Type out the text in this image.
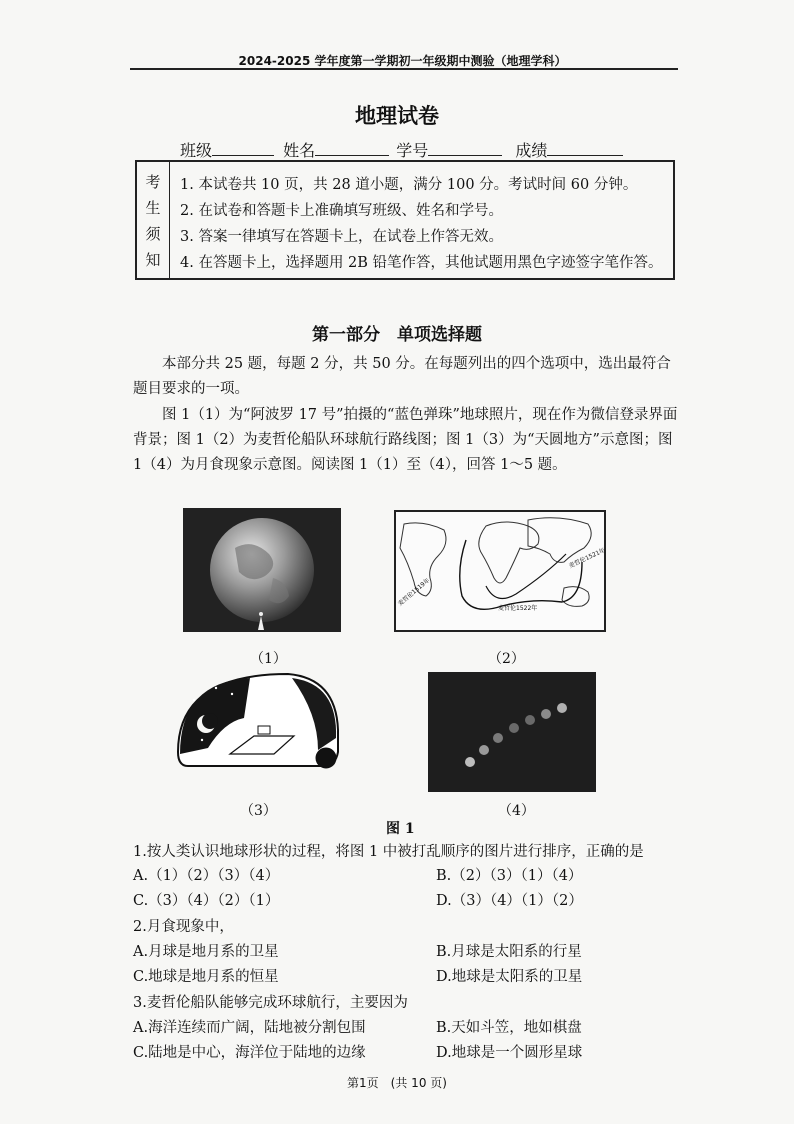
2024-2025 学年度第一学期初一年级期中测验（地理学科）
地理试卷
班级	姓名	学号	成绩
考
生
须
知
1. 本试卷共 10 页，共 28 道小题，满分 100 分。考试时间 60 分钟。
2. 在试卷和答题卡上准确填写班级、姓名和学号。
3. 答案一律填写在答题卡上，在试卷上作答无效。
4. 在答题卡上，选择题用 2B 铅笔作答，其他试题用黑色字迹签字笔作答。
第一部分　单项选择题
　　本部分共 25 题，每题 2 分，共 50 分。在每题列出的四个选项中，选出最符合题目要求的一项。
　　图 1（1）为“阿波罗 17 号”拍摄的“蓝色弹珠”地球照片，现在作为微信登录界面背景；图 1（2）为麦哲伦船队环球航行路线图；图 1（3）为“天圆地方”示意图；图 1（4）为月食现象示意图。阅读图 1（1）至（4），回答 1～5 题。
（1）
麦哲伦1519年
麦哲伦1522年
麦哲伦1521年
（2）
（3）	（4）
图 1
1.按人类认识地球形状的过程，将图 1 中被打乱顺序的图片进行排序，正确的是
A.（1）（2）（3）（4）	B.（2）（3）（1）（4）
C.（3）（4）（2）（1）	D.（3）（4）（1）（2）
2.月食现象中，
A.月球是地月系的卫星	B.月球是太阳系的行星
C.地球是地月系的恒星	D.地球是太阳系的卫星
3.麦哲伦船队能够完成环球航行，主要因为
A.海洋连续而广阔，陆地被分割包围	B.天如斗笠，地如棋盘
C.陆地是中心，海洋位于陆地的边缘	D.地球是一个圆形星球
第1页　(共 10 页)
